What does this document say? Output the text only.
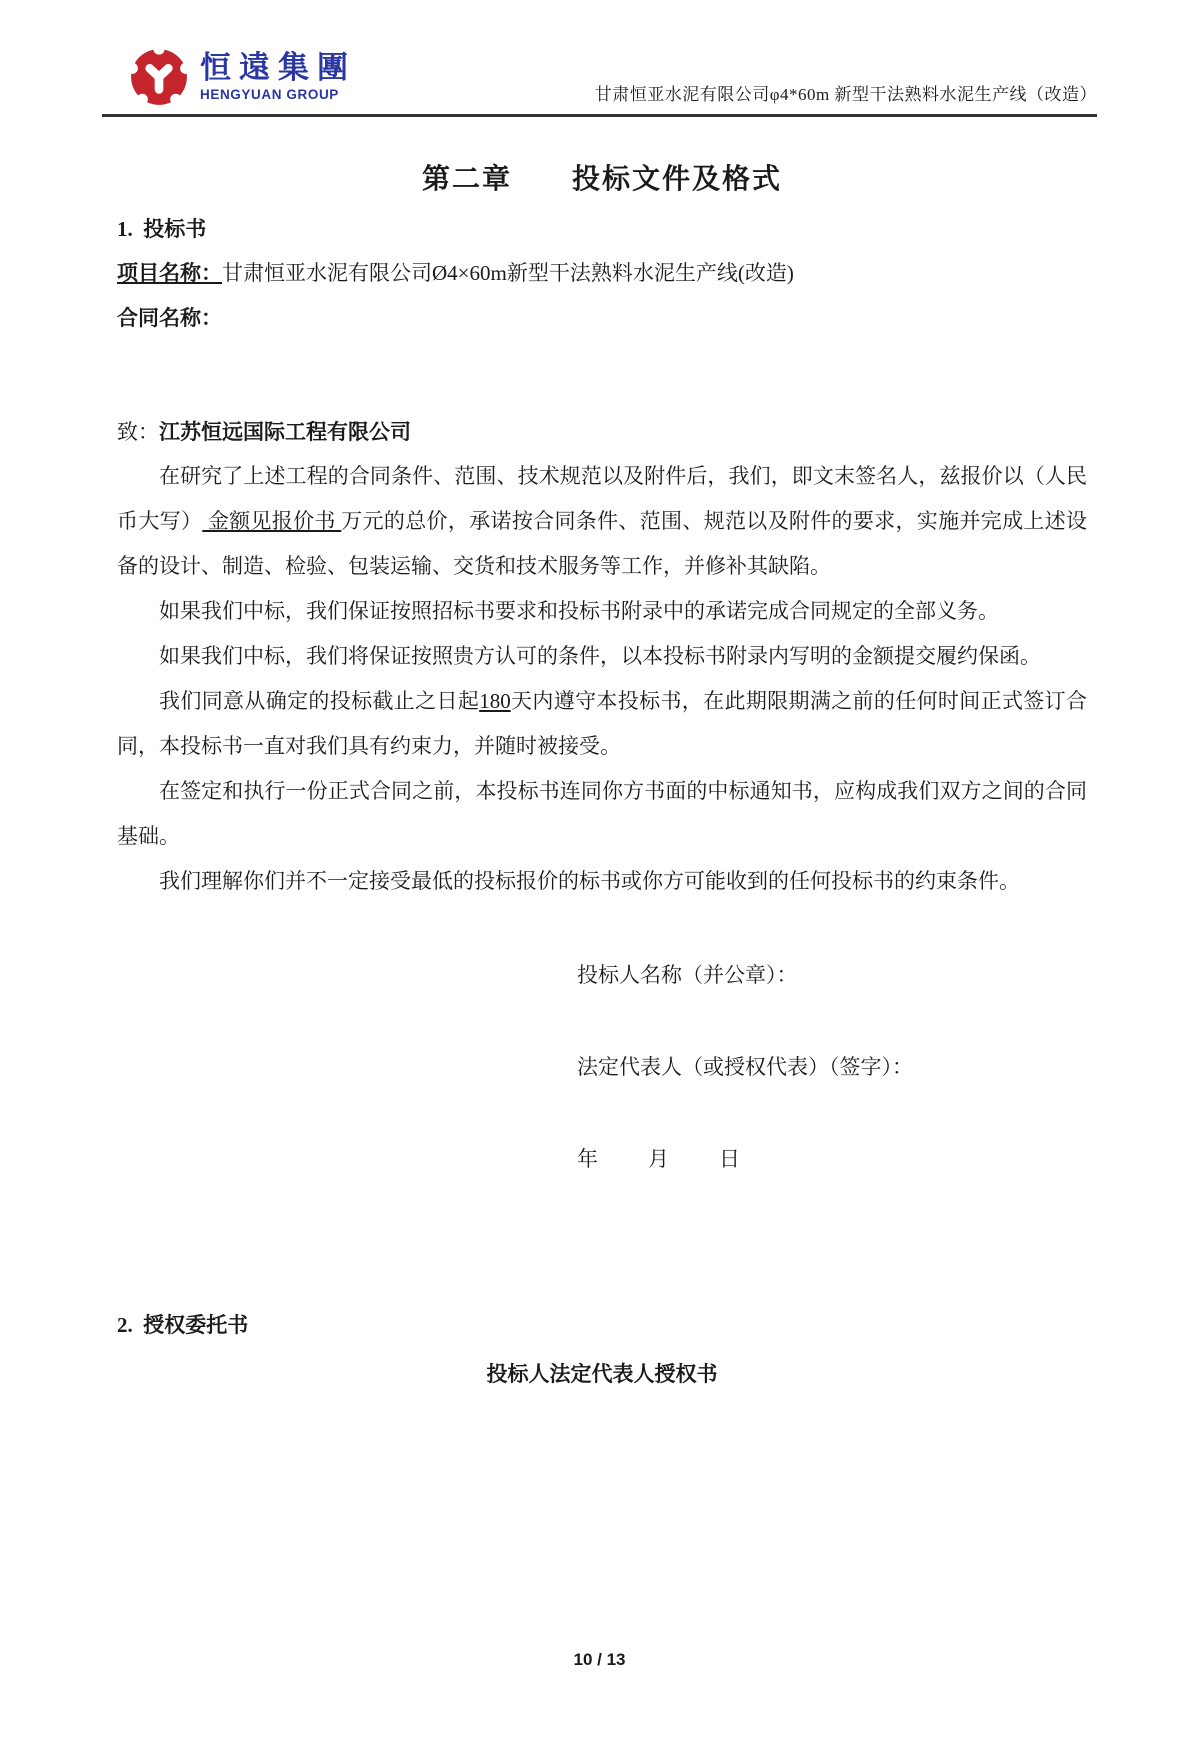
恒遠集團
HENGYUAN GROUP	甘肃恒亚水泥有限公司φ4*60m 新型干法熟料水泥生产线（改造）
第二章　　投标文件及格式
1.  投标书

项目名称：甘肃恒亚水泥有限公司Ø4×60m新型干法熟料水泥生产线(改造)

合同名称：

致：江苏恒远国际工程有限公司

在研究了上述工程的合同条件、范围、技术规范以及附件后，我们，即文末签名人，兹报价以（人民币大写） 金额见报价书 万元的总价，承诺按合同条件、范围、规范以及附件的要求，实施并完成上述设备的设计、制造、检验、包装运输、交货和技术服务等工作，并修补其缺陷。

如果我们中标，我们保证按照招标书要求和投标书附录中的承诺完成合同规定的全部义务。

如果我们中标，我们将保证按照贵方认可的条件，以本投标书附录内写明的金额提交履约保函。

我们同意从确定的投标截止之日起180天内遵守本投标书，在此期限期满之前的任何时间正式签订合同，本投标书一直对我们具有约束力，并随时被接受。

在签定和执行一份正式合同之前，本投标书连同你方书面的中标通知书，应构成我们双方之间的合同基础。

我们理解你们并不一定接受最低的投标报价的标书或你方可能收到的任何投标书的约束条件。

投标人名称（并公章）：

法定代表人（或授权代表）（签字）：

年 月 日

2.  授权委托书
投标人法定代表人授权书
10 / 13
